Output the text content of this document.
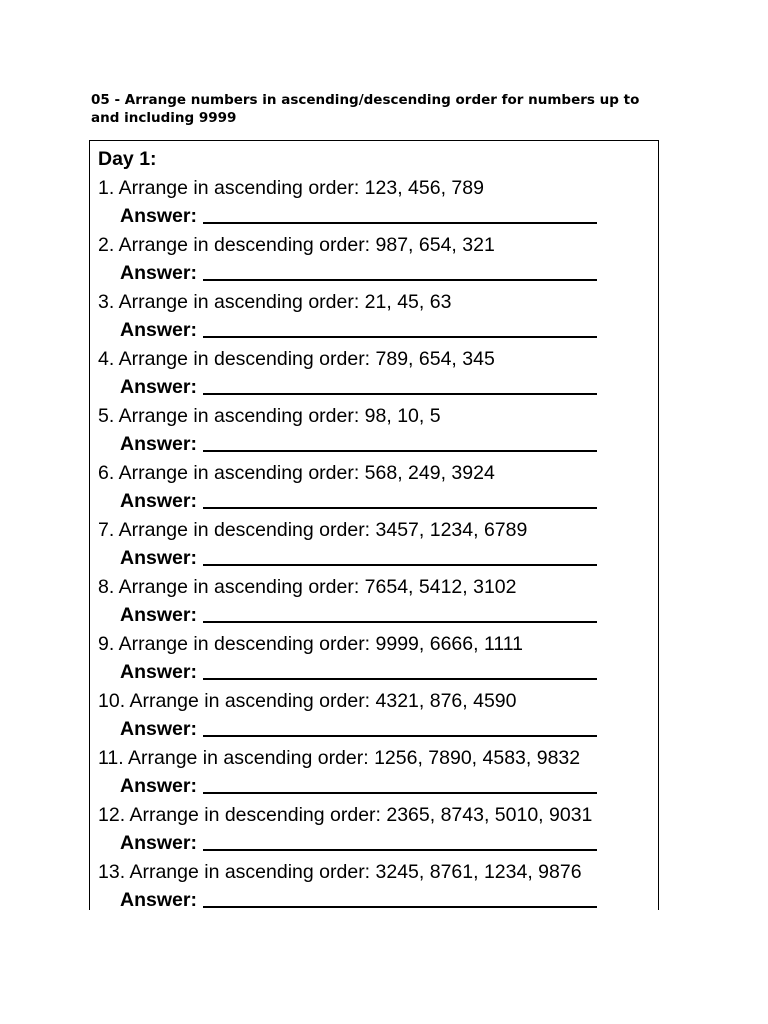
05 - Arrange numbers in ascending/descending order for numbers up to and including 9999
Day 1:
1. Arrange in ascending order: 123, 456, 789
Answer:
2. Arrange in descending order: 987, 654, 321
Answer:
3. Arrange in ascending order: 21, 45, 63
Answer:
4. Arrange in descending order: 789, 654, 345
Answer:
5. Arrange in ascending order: 98, 10, 5
Answer:
6. Arrange in ascending order: 568, 249, 3924
Answer:
7. Arrange in descending order: 3457, 1234, 6789
Answer:
8. Arrange in ascending order: 7654, 5412, 3102
Answer:
9. Arrange in descending order: 9999, 6666, 1111
Answer:
10. Arrange in ascending order: 4321, 876, 4590
Answer:
11. Arrange in ascending order: 1256, 7890, 4583, 9832
Answer:
12. Arrange in descending order: 2365, 8743, 5010, 9031
Answer:
13. Arrange in ascending order: 3245, 8761, 1234, 9876
Answer:
